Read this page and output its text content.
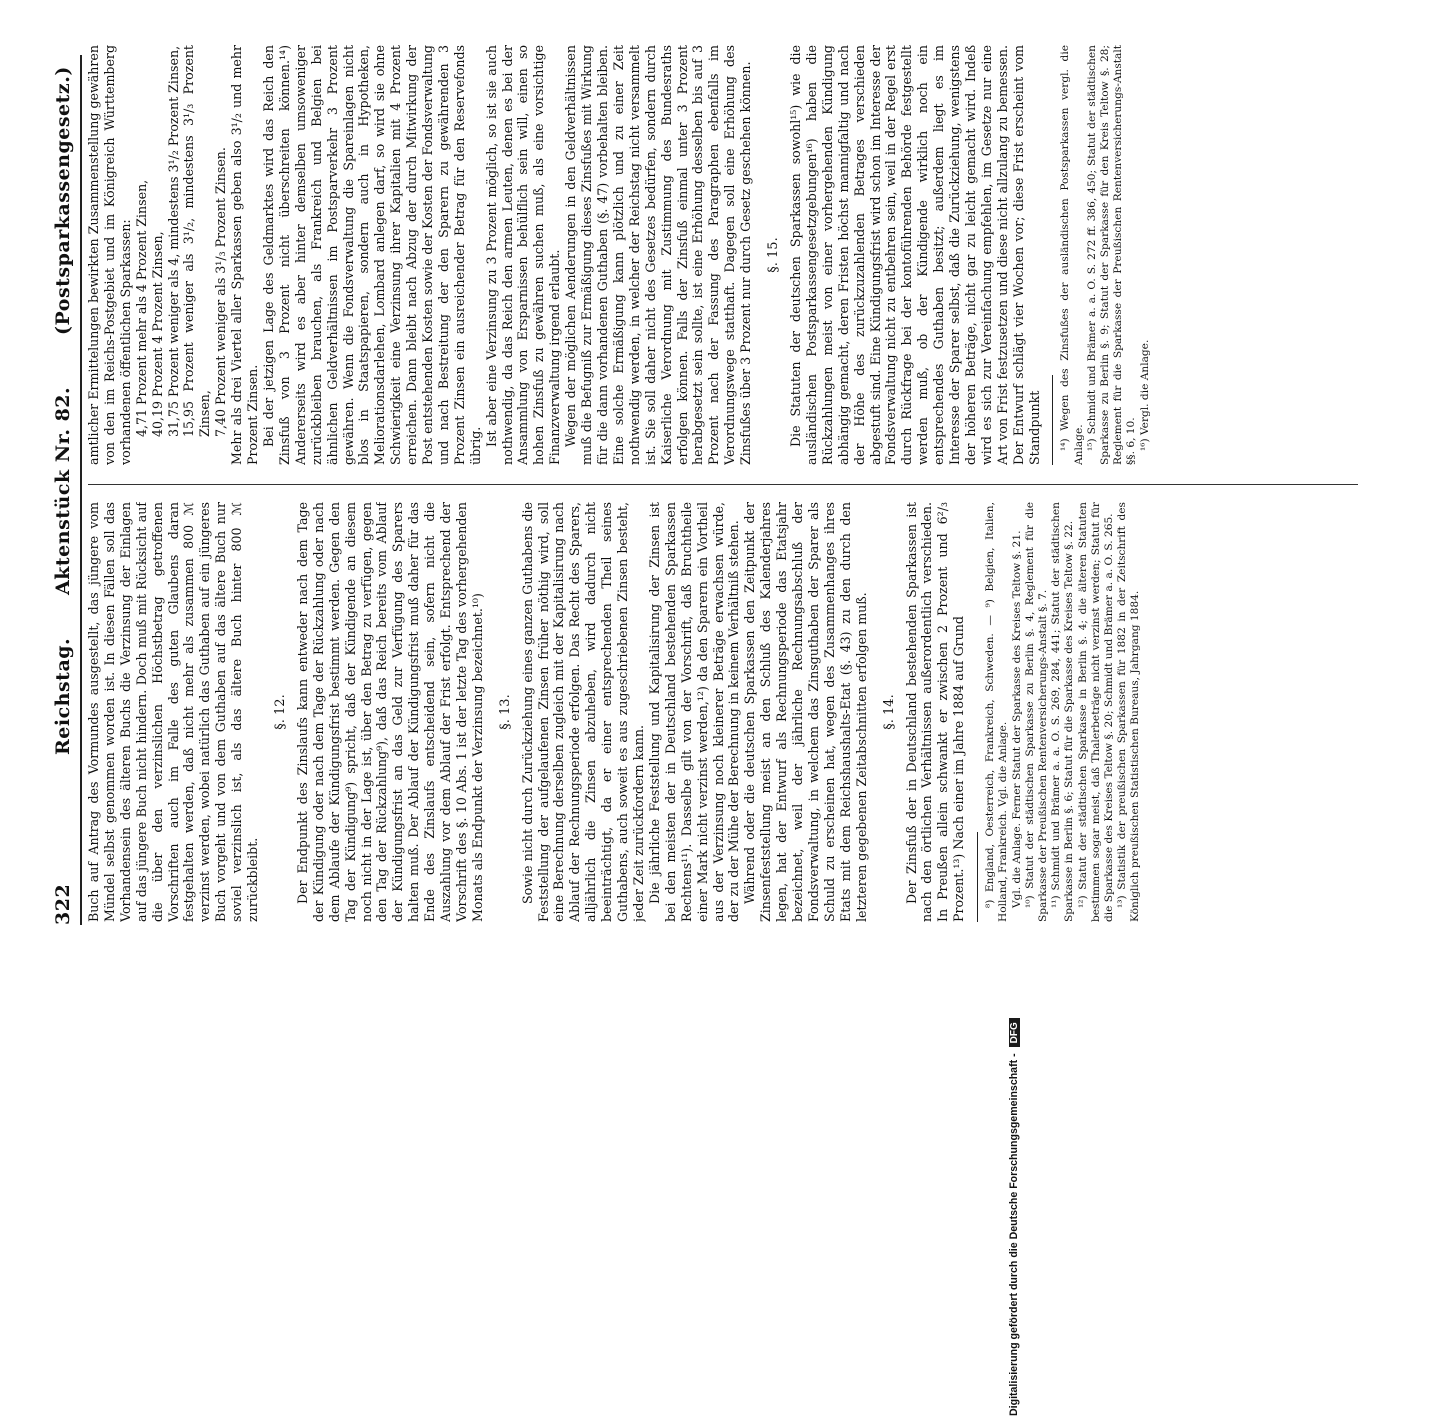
322
Reichstag.
Aktenstück Nr. 82.
(Postsparkassengesetz.)

Buch auf Antrag des Vormundes ausgestellt, das jüngere vom Mündel selbst genommen worden ist. In diesen Fällen soll das Vorhandensein des älteren Buchs die Verzinsung der Einlagen auf das jüngere Buch nicht hindern. Doch muß mit Rücksicht auf die über den verzinslichen Höchstbetrag getroffenen Vorschriften auch im Falle des guten Glaubens daran festgehalten werden, daß nicht mehr als zusammen 800 ℳ verzinst werden, wobei natürlich das Guthaben auf ein jüngeres Buch vorgeht und von dem Guthaben auf das ältere Buch nur soviel verzinslich ist, als das ältere Buch hinter 800 ℳ zurückbleibt.

§. 12. Der Endpunkt des Zinslaufs kann entweder nach dem Tage der Kündigung oder nach dem Tage der Rückzahlung oder nach dem Ablaufe der Kündigungsfrist bestimmt werden. Gegen den Tag der Kündigung⁹) spricht, daß der Kündigende an diesem noch nicht in der Lage ist, über den Betrag zu verfügen, gegen den Tag der Rückzahlung⁹), daß das Reich bereits vom Ablauf der Kündigungsfrist an das Geld zur Verfügung des Sparers halten muß. Der Ablauf der Kündigungsfrist muß daher für das Ende des Zinslaufs entscheidend sein, sofern nicht die Auszahlung vor dem Ablauf der Frist erfolgt. Entsprechend der Vorschrift des §. 10 Abs. 1 ist der letzte Tag des vorhergehenden Monats als Endpunkt der Verzinsung bezeichnet.¹⁰) §. 13. Sowie nicht durch Zurückziehung eines ganzen Guthabens die Feststellung der aufgelaufenen Zinsen früher nöthig wird, soll eine Berechnung derselben zugleich mit der Kapitalisirung nach Ablauf der Rechnungsperiode erfolgen. Das Recht des Sparers, alljährlich die Zinsen abzuheben, wird dadurch nicht beeinträchtigt, da er einer entsprechenden Theil seines Guthabens, auch soweit es aus zugeschriebenen Zinsen besteht, jeder Zeit zurückfordern kann. Die jährliche Feststellung und Kapitalisirung der Zinsen ist bei den meisten der in Deutschland bestehenden Sparkassen Rechtens¹¹). Dasselbe gilt von der Vorschrift, daß Bruchtheile einer Mark nicht verzinst werden,¹²) da den Sparern ein Vortheil aus der Verzinsung noch kleinerer Beträge erwachsen würde, der zu der Mühe der Berechnung in keinem Verhältniß stehen. Während oder die deutschen Sparkassen den Zeitpunkt der Zinsenfeststellung meist an den Schluß des Kalenderjahres legen, hat der Entwurf als Rechnungsperiode das Etatsjahr bezeichnet, weil der jährliche Rechnungsabschluß der Fondsverwaltung, in welchem das Zinsguthaben der Sparer als Schuld zu erscheinen hat, wegen des Zusammenhanges ihres Etats mit dem Reichshaushalts-Etat (§. 43) zu den durch den letzteren gegebenen Zeitabschnitten erfolgen muß. §. 14. Der Zinsfuß der in Deutschland bestehenden Sparkassen ist nach den örtlichen Verhältnissen außerordentlich verschieden. In Preußen allein schwankt er zwischen 2 Prozent und 6²/₃ Prozent.¹³) Nach einer im Jahre 1884 auf Grund ⁸) England, Oesterreich, Frankreich, Schweden. — ⁹) Belgien, Italien, Holland, Frankreich. Vgl. die Anlage. Vgl. die Anlage. Ferner Statut der Sparkasse des Kreises Teltow §. 21. ¹⁰) Statut der städtischen Sparkasse zu Berlin §. 4, Reglement für die Sparkasse der Preußischen Rentenversicherungs-Anstalt §. 7. ¹¹) Schmidt und Brämer a. a. O. S. 269, 284, 441; Statut der städtischen Sparkasse in Berlin §. 6; Statut für die Sparkasse des Kreises Teltow §. 22. ¹²) Statut der städtischen Sparkasse in Berlin §. 4; die älteren Statuten bestimmen sogar meist, daß Thalerbeträge nicht verzinst werden; Statut für die Sparkasse des Kreises Teltow §. 20; Schmidt und Brämer a. a. O. S. 265. ¹³) Statistik der preußischen Sparkassen für 1882 in der Zeitschrift des Königlich preußischen Statistischen Bureaus, Jahrgang 1884.

amtlicher Ermittelungen bewirkten Zusammenstellung gewähren von den im Reichs-Postgebiet und im Königreich Württemberg vorhandenen öffentlichen Sparkassen: 4,71 Prozent mehr als 4 Prozent Zinsen, 40,19 Prozent 4 Prozent Zinsen, 31,75 Prozent weniger als 4, mindestens 3¹/₂ Prozent Zinsen, 15,95 Prozent weniger als 3¹/₂, mindestens 3¹/₃ Prozent Zinsen, 7,40 Prozent weniger als 3¹/₃ Prozent Zinsen. Mehr als drei Viertel aller Sparkassen geben also 3¹/₂ und mehr Prozent Zinsen. Bei der jetzigen Lage des Geldmarktes wird das Reich den Zinsfuß von 3 Prozent nicht überschreiten können.¹⁴) Andererseits wird es aber hinter demselben umsoweniger zurückbleiben brauchen, als Frankreich und Belgien bei ähnlichen Geldverhältnissen im Postsparverkehr 3 Prozent gewähren. Wenn die Fondsverwaltung die Spareinlagen nicht blos in Staatspapieren, sondern auch in Hypotheken, Meliorationsdarlehen, Lombard anlegen darf, so wird sie ohne Schwierigkeit eine Verzinsung ihrer Kapitalien mit 4 Prozent erreichen. Dann bleibt nach Abzug der durch Mitwirkung der Post entstehenden Kosten sowie der Kosten der Fondsverwaltung und nach Bestreitung der den Sparern zu gewährenden 3 Prozent Zinsen ein ausreichender Betrag für den Reservefonds übrig. Ist aber eine Verzinsung zu 3 Prozent möglich, so ist sie auch nothwendig, da das Reich den armen Leuten, denen es bei der Ansammlung von Ersparnissen behülflich sein will, einen so hohen Zinsfuß zu gewähren suchen muß, als eine vorsichtige Finanzverwaltung irgend erlaubt. Wegen der möglichen Aenderungen in den Geldverhältnissen muß die Befugniß zur Ermäßigung dieses Zinsfußes mit Wirkung für die dann vorhandenen Guthaben (§. 47) vorbehalten bleiben. Eine solche Ermäßigung kann plötzlich und zu einer Zeit nothwendig werden, in welcher der Reichstag nicht versammelt ist. Sie soll daher nicht des Gesetzes bedürfen, sondern durch Kaiserliche Verordnung mit Zustimmung des Bundesraths erfolgen können. Falls der Zinsfuß einmal unter 3 Prozent herabgesetzt sein sollte, ist eine Erhöhung desselben bis auf 3 Prozent nach der Fassung des Paragraphen ebenfalls im Verordnungswege statthaft. Dagegen soll eine Erhöhung des Zinsfußes über 3 Prozent nur durch Gesetz geschehen können. §. 15. Die Statuten der deutschen Sparkassen sowohl¹⁵) wie die ausländischen Postsparkassengesetzgebungen¹⁶) haben die Rückzahlungen meist von einer vorhergehenden Kündigung abhängig gemacht, deren Fristen höchst mannigfaltig und nach der Höhe des zurückzuzahlenden Betrages verschieden abgestuft sind. Eine Kündigungsfrist wird schon im Interesse der Fondsverwaltung nicht zu entbehren sein, weil in der Regel erst durch Rückfrage bei der kontoführenden Behörde festgestellt werden muß, ob der Kündigende wirklich noch ein entsprechendes Guthaben besitzt; außerdem liegt es im Interesse der Sparer selbst, daß die Zurückziehung, wenigstens der höheren Beträge, nicht gar zu leicht gemacht wird. Indeß wird es sich zur Vereinfachung empfehlen, im Gesetze nur eine Art von Frist festzusetzen und diese nicht allzulang zu bemessen. Der Entwurf schlägt vier Wochen vor; diese Frist erscheint vom Standpunkt ¹⁴) Wegen des Zinsfußes der ausländischen Postsparkassen vergl. die Anlage. ¹⁵) Schmidt und Brämer a. a. O. S. 272 ff. 386, 450; Statut der städtischen Sparkasse zu Berlin §. 9; Statut der Sparkasse für den Kreis Teltow §. 28; Reglement für die Sparkasse der Preußischen Rentenversicherungs-Anstalt §§. 6, 10. ¹⁶) Vergl. die Anlage.

Digitalisierung gefördert durch die Deutsche Forschungsgemeinschaft -DFG
